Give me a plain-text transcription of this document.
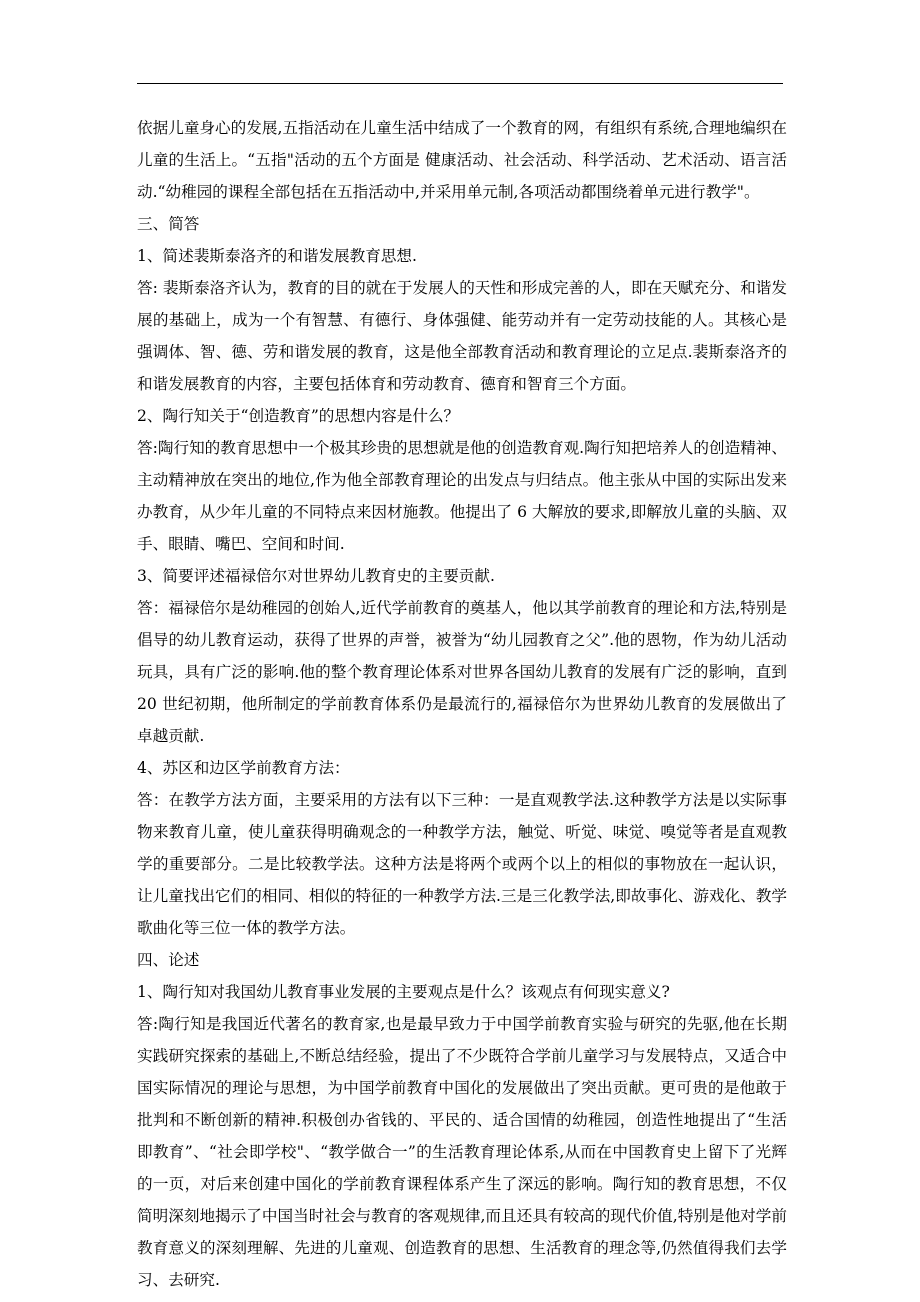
依据儿童身心的发展,五指活动在儿童生活中结成了一个教育的网，有组织有系统,合理地编织在儿童的生活上。“五指"活动的五个方面是 健康活动、社会活动、科学活动、艺术活动、语言活动.“幼稚园的课程全部包括在五指活动中,并采用单元制,各项活动都围绕着单元进行教学"。

三、简答

1、简述裴斯泰洛齐的和谐发展教育思想.

答: 裴斯泰洛齐认为，教育的目的就在于发展人的天性和形成完善的人，即在天赋充分、和谐发展的基础上，成为一个有智慧、有德行、身体强健、能劳动并有一定劳动技能的人。其核心是强调体、智、德、劳和谐发展的教育，这是他全部教育活动和教育理论的立足点.裴斯泰洛齐的和谐发展教育的内容，主要包括体育和劳动教育、德育和智育三个方面。

2、陶行知关于“创造教育”的思想内容是什么？

答:陶行知的教育思想中一个极其珍贵的思想就是他的创造教育观.陶行知把培养人的创造精神、主动精神放在突出的地位,作为他全部教育理论的出发点与归结点。他主张从中国的实际出发来办教育，从少年儿童的不同特点来因材施教。他提出了 6 大解放的要求,即解放儿童的头脑、双手、眼睛、嘴巴、空间和时间.

3、简要评述福禄倍尔对世界幼儿教育史的主要贡献.

答：福禄倍尔是幼稚园的创始人,近代学前教育的奠基人，他以其学前教育的理论和方法,特别是倡导的幼儿教育运动，获得了世界的声誉，被誉为“幼儿园教育之父”.他的恩物，作为幼儿活动玩具，具有广泛的影响.他的整个教育理论体系对世界各国幼儿教育的发展有广泛的影响，直到 20 世纪初期，他所制定的学前教育体系仍是最流行的,福禄倍尔为世界幼儿教育的发展做出了卓越贡献.

4、苏区和边区学前教育方法：

答：在教学方法方面，主要采用的方法有以下三种：一是直观教学法.这种教学方法是以实际事物来教育儿童，使儿童获得明确观念的一种教学方法，触觉、听觉、味觉、嗅觉等者是直观教学的重要部分。二是比较教学法。这种方法是将两个或两个以上的相似的事物放在一起认识，让儿童找出它们的相同、相似的特征的一种教学方法.三是三化教学法,即故事化、游戏化、教学歌曲化等三位一体的教学方法。

四、论述

1、陶行知对我国幼儿教育事业发展的主要观点是什么？该观点有何现实意义?

答:陶行知是我国近代著名的教育家,也是最早致力于中国学前教育实验与研究的先驱,他在长期实践研究探索的基础上,不断总结经验，提出了不少既符合学前儿童学习与发展特点，又适合中国实际情况的理论与思想，为中国学前教育中国化的发展做出了突出贡献。更可贵的是他敢于批判和不断创新的精神.积极创办省钱的、平民的、适合国情的幼稚园，创造性地提出了“生活即教育”、“社会即学校"、“教学做合一”的生活教育理论体系,从而在中国教育史上留下了光辉的一页，对后来创建中国化的学前教育课程体系产生了深远的影响。陶行知的教育思想，不仅简明深刻地揭示了中国当时社会与教育的客观规律,而且还具有较高的现代价值,特别是他对学前教育意义的深刻理解、先进的儿童观、创造教育的思想、生活教育的理念等,仍然值得我们去学习、去研究.
